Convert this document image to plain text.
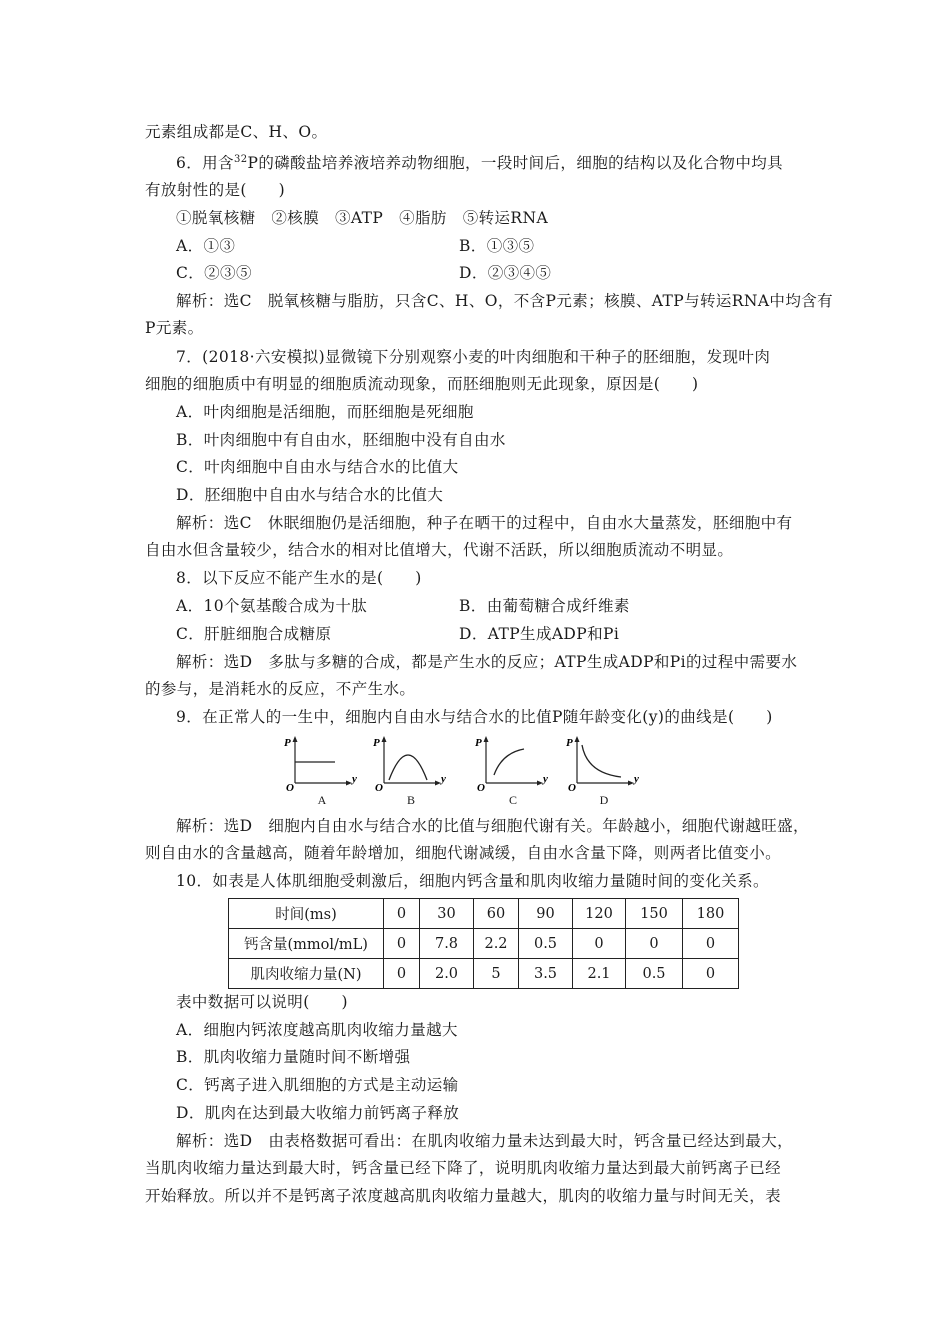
元素组成都是C、H、O。
6．用含$^{32}$P的磷酸盐培养液培养动物细胞，一段时间后，细胞的结构以及化合物中均具
有放射性的是(　　)
①脱氧核糖　②核膜　③ATP　④脂肪　⑤转运RNA
A．①③	B．①③⑤
C．②③⑤	D．②③④⑤
解析：选C　脱氧核糖与脂肪，只含C、H、O，不含P元素；核膜、ATP与转运RNA中均含有
P元素。
7．(2018·六安模拟)显微镜下分别观察小麦的叶肉细胞和干种子的胚细胞，发现叶肉
细胞的细胞质中有明显的细胞质流动现象，而胚细胞则无此现象，原因是(　　)
A．叶肉细胞是活细胞，而胚细胞是死细胞
B．叶肉细胞中有自由水，胚细胞中没有自由水
C．叶肉细胞中自由水与结合水的比值大
D．胚细胞中自由水与结合水的比值大
解析：选C　休眠细胞仍是活细胞，种子在晒干的过程中，自由水大量蒸发，胚细胞中有
自由水但含量较少，结合水的相对比值增大，代谢不活跃，所以细胞质流动不明显。
8．以下反应不能产生水的是(　　)
A．10个氨基酸合成为十肽	B．由葡萄糖合成纤维素
C．肝脏细胞合成糖原	D．ATP生成ADP和Pi
解析：选D　多肽与多糖的合成，都是产生水的反应；ATP生成ADP和Pi的过程中需要水
的参与，是消耗水的反应，不产生水。
9．在正常人的一生中，细胞内自由水与结合水的比值P随年龄变化(y)的曲线是(　　)
P
y
O
A
P
y
O
B
P
y
O
C
P
y
O
D
解析：选D　细胞内自由水与结合水的比值与细胞代谢有关。年龄越小，细胞代谢越旺盛，
则自由水的含量越高，随着年龄增加，细胞代谢减缓，自由水含量下降，则两者比值变小。
10．如表是人体肌细胞受刺激后，细胞内钙含量和肌肉收缩力量随时间的变化关系。
时间(ms)	0	30	60	90	120	150	180
钙含量(mmol/mL)	0	7.8	2.2	0.5	0	0	0
肌肉收缩力量(N)	0	2.0	5	3.5	2.1	0.5	0
表中数据可以说明(　　)
A．细胞内钙浓度越高肌肉收缩力量越大
B．肌肉收缩力量随时间不断增强
C．钙离子进入肌细胞的方式是主动运输
D．肌肉在达到最大收缩力前钙离子释放
解析：选D　由表格数据可看出：在肌肉收缩力量未达到最大时，钙含量已经达到最大，
当肌肉收缩力量达到最大时，钙含量已经下降了，说明肌肉收缩力量达到最大前钙离子已经
开始释放。所以并不是钙离子浓度越高肌肉收缩力量越大，肌肉的收缩力量与时间无关，表
